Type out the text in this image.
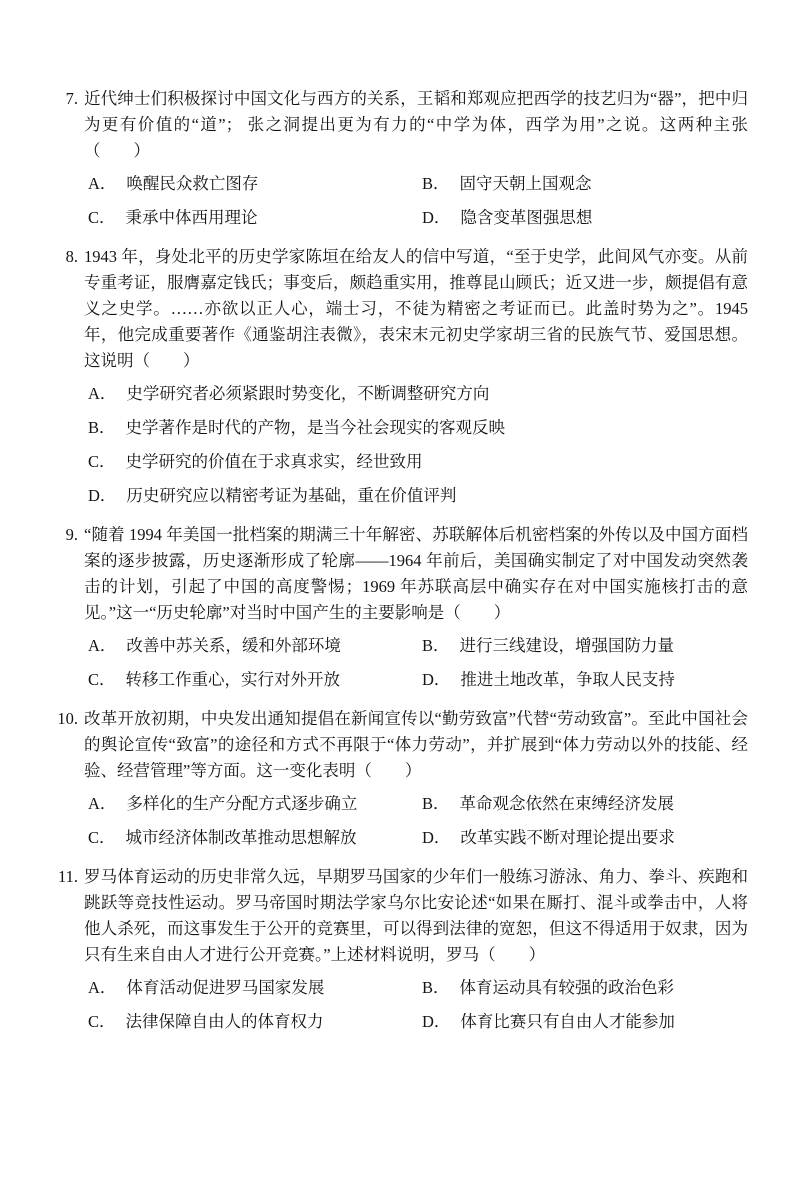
7. 近代绅士们积极探讨中国文化与西方的关系，王韬和郑观应把西学的技艺归为“器”，把中归为更有价值的“道”； 张之洞提出更为有力的“中学为体，西学为用”之说。这两种主张（　　）
A． 唤醒民众救亡图存	B． 固守天朝上国观念
C． 秉承中体西用理论	D． 隐含变革图强思想
8. 1943 年，身处北平的历史学家陈垣在给友人的信中写道，“至于史学，此间风气亦变。从前专重考证，服膺嘉定钱氏；事变后，颇趋重实用，推尊昆山顾氏；近又进一步，颇提倡有意义之史学。……亦欲以正人心，端士习，不徒为精密之考证而已。此盖时势为之”。1945 年，他完成重要著作《通鉴胡注表微》，表宋末元初史学家胡三省的民族气节、爱国思想。这说明（　　）
A． 史学研究者必须紧跟时势变化，不断调整研究方向
B． 史学著作是时代的产物，是当今社会现实的客观反映
C． 史学研究的价值在于求真求实，经世致用
D． 历史研究应以精密考证为基础，重在价值评判
9. “随着 1994 年美国一批档案的期满三十年解密、苏联解体后机密档案的外传以及中国方面档案的逐步披露，历史逐渐形成了轮廓——1964 年前后，美国确实制定了对中国发动突然袭击的计划，引起了中国的高度警惕；1969 年苏联高层中确实存在对中国实施核打击的意见。”这一“历史轮廓”对当时中国产生的主要影响是（　　）
A． 改善中苏关系，缓和外部环境	B． 进行三线建设，增强国防力量
C． 转移工作重心，实行对外开放	D． 推进土地改革，争取人民支持
10. 改革开放初期，中央发出通知提倡在新闻宣传以“勤劳致富”代替“劳动致富”。至此中国社会的舆论宣传“致富”的途径和方式不再限于“体力劳动”，并扩展到“体力劳动以外的技能、经验、经营管理”等方面。这一变化表明（　　）
A． 多样化的生产分配方式逐步确立	B． 革命观念依然在束缚经济发展
C． 城市经济体制改革推动思想解放	D． 改革实践不断对理论提出要求
11. 罗马体育运动的历史非常久远，早期罗马国家的少年们一般练习游泳、角力、拳斗、疾跑和跳跃等竞技性运动。罗马帝国时期法学家乌尔比安论述“如果在厮打、混斗或拳击中，人将他人杀死，而这事发生于公开的竞赛里，可以得到法律的宽恕，但这不得适用于奴隶，因为只有生来自由人才进行公开竞赛。”上述材料说明，罗马（　　）
A． 体育活动促进罗马国家发展	B． 体育运动具有较强的政治色彩
C． 法律保障自由人的体育权力	D． 体育比赛只有自由人才能参加
